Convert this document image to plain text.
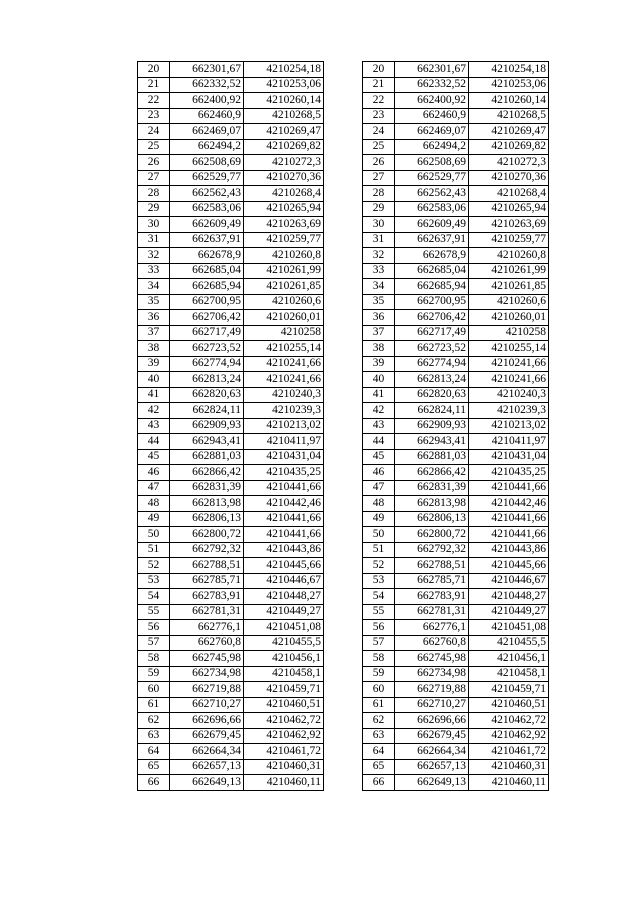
20	662301,67	4210254,18
21	662332,52	4210253,06
22	662400,92	4210260,14
23	662460,9	4210268,5
24	662469,07	4210269,47
25	662494,2	4210269,82
26	662508,69	4210272,3
27	662529,77	4210270,36
28	662562,43	4210268,4
29	662583,06	4210265,94
30	662609,49	4210263,69
31	662637,91	4210259,77
32	662678,9	4210260,8
33	662685,04	4210261,99
34	662685,94	4210261,85
35	662700,95	4210260,6
36	662706,42	4210260,01
37	662717,49	4210258
38	662723,52	4210255,14
39	662774,94	4210241,66
40	662813,24	4210241,66
41	662820,63	4210240,3
42	662824,11	4210239,3
43	662909,93	4210213,02
44	662943,41	4210411,97
45	662881,03	4210431,04
46	662866,42	4210435,25
47	662831,39	4210441,66
48	662813,98	4210442,46
49	662806,13	4210441,66
50	662800,72	4210441,66
51	662792,32	4210443,86
52	662788,51	4210445,66
53	662785,71	4210446,67
54	662783,91	4210448,27
55	662781,31	4210449,27
56	662776,1	4210451,08
57	662760,8	4210455,5
58	662745,98	4210456,1
59	662734,98	4210458,1
60	662719,88	4210459,71
61	662710,27	4210460,51
62	662696,66	4210462,72
63	662679,45	4210462,92
64	662664,34	4210461,72
65	662657,13	4210460,31
66	662649,13	4210460,11
20	662301,67	4210254,18
21	662332,52	4210253,06
22	662400,92	4210260,14
23	662460,9	4210268,5
24	662469,07	4210269,47
25	662494,2	4210269,82
26	662508,69	4210272,3
27	662529,77	4210270,36
28	662562,43	4210268,4
29	662583,06	4210265,94
30	662609,49	4210263,69
31	662637,91	4210259,77
32	662678,9	4210260,8
33	662685,04	4210261,99
34	662685,94	4210261,85
35	662700,95	4210260,6
36	662706,42	4210260,01
37	662717,49	4210258
38	662723,52	4210255,14
39	662774,94	4210241,66
40	662813,24	4210241,66
41	662820,63	4210240,3
42	662824,11	4210239,3
43	662909,93	4210213,02
44	662943,41	4210411,97
45	662881,03	4210431,04
46	662866,42	4210435,25
47	662831,39	4210441,66
48	662813,98	4210442,46
49	662806,13	4210441,66
50	662800,72	4210441,66
51	662792,32	4210443,86
52	662788,51	4210445,66
53	662785,71	4210446,67
54	662783,91	4210448,27
55	662781,31	4210449,27
56	662776,1	4210451,08
57	662760,8	4210455,5
58	662745,98	4210456,1
59	662734,98	4210458,1
60	662719,88	4210459,71
61	662710,27	4210460,51
62	662696,66	4210462,72
63	662679,45	4210462,92
64	662664,34	4210461,72
65	662657,13	4210460,31
66	662649,13	4210460,11
